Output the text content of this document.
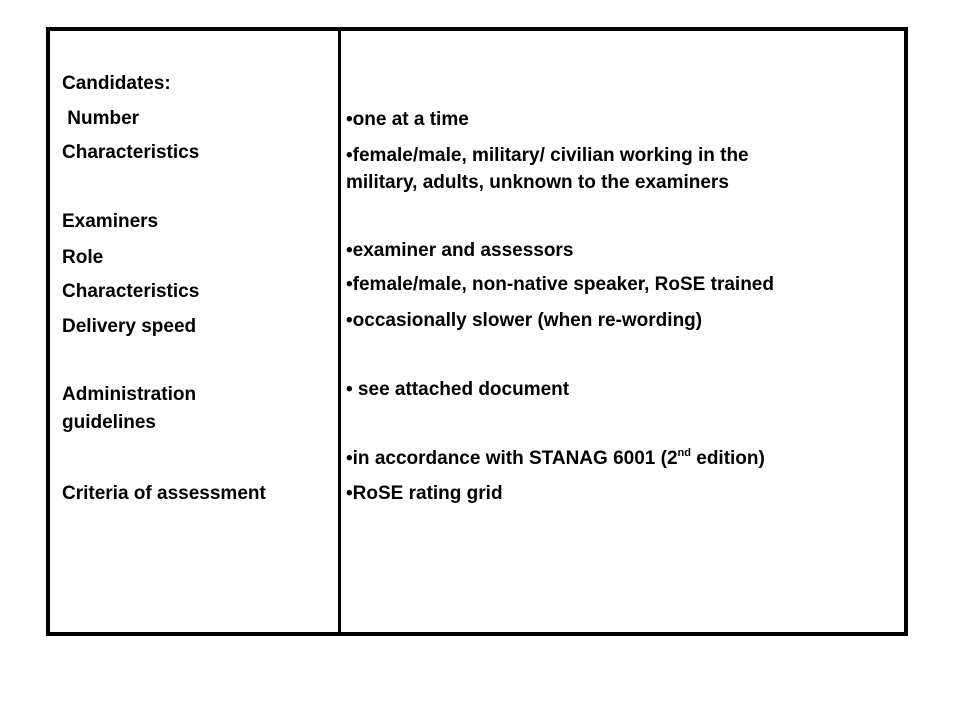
Candidates:
Number
Characteristics
Examiners
Role
Characteristics
Delivery speed
Administration
guidelines
Criteria of assessment
•one at a time
•female/male, military/ civilian working in the
military, adults, unknown to the examiners
•examiner and assessors
•female/male, non-native speaker, RoSE trained
•occasionally slower (when re-wording)
• see attached document
•in accordance with STANAG 6001 (2nd edition)
•RoSE rating grid
